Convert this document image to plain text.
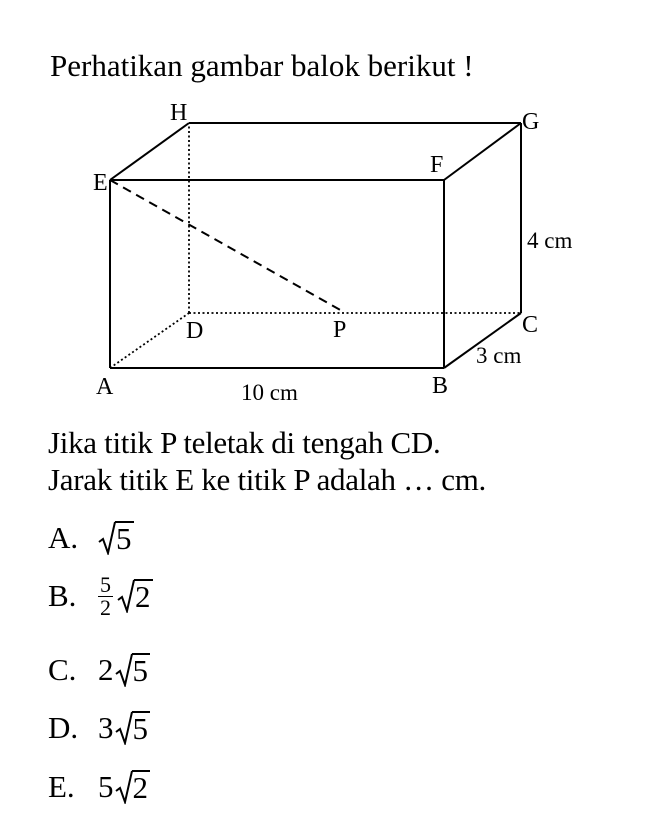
Perhatikan gambar balok berikut !
H	G
E
F
D	P	C
A	B
4 cm
3 cm
10 cm
Jika titik P teletak di tengah CD.
Jarak titik E ke titik P adalah … cm.
A.	5
B. $\frac{5}{2} 2$
C. 2 5
D. 3 5
E. 5 2
